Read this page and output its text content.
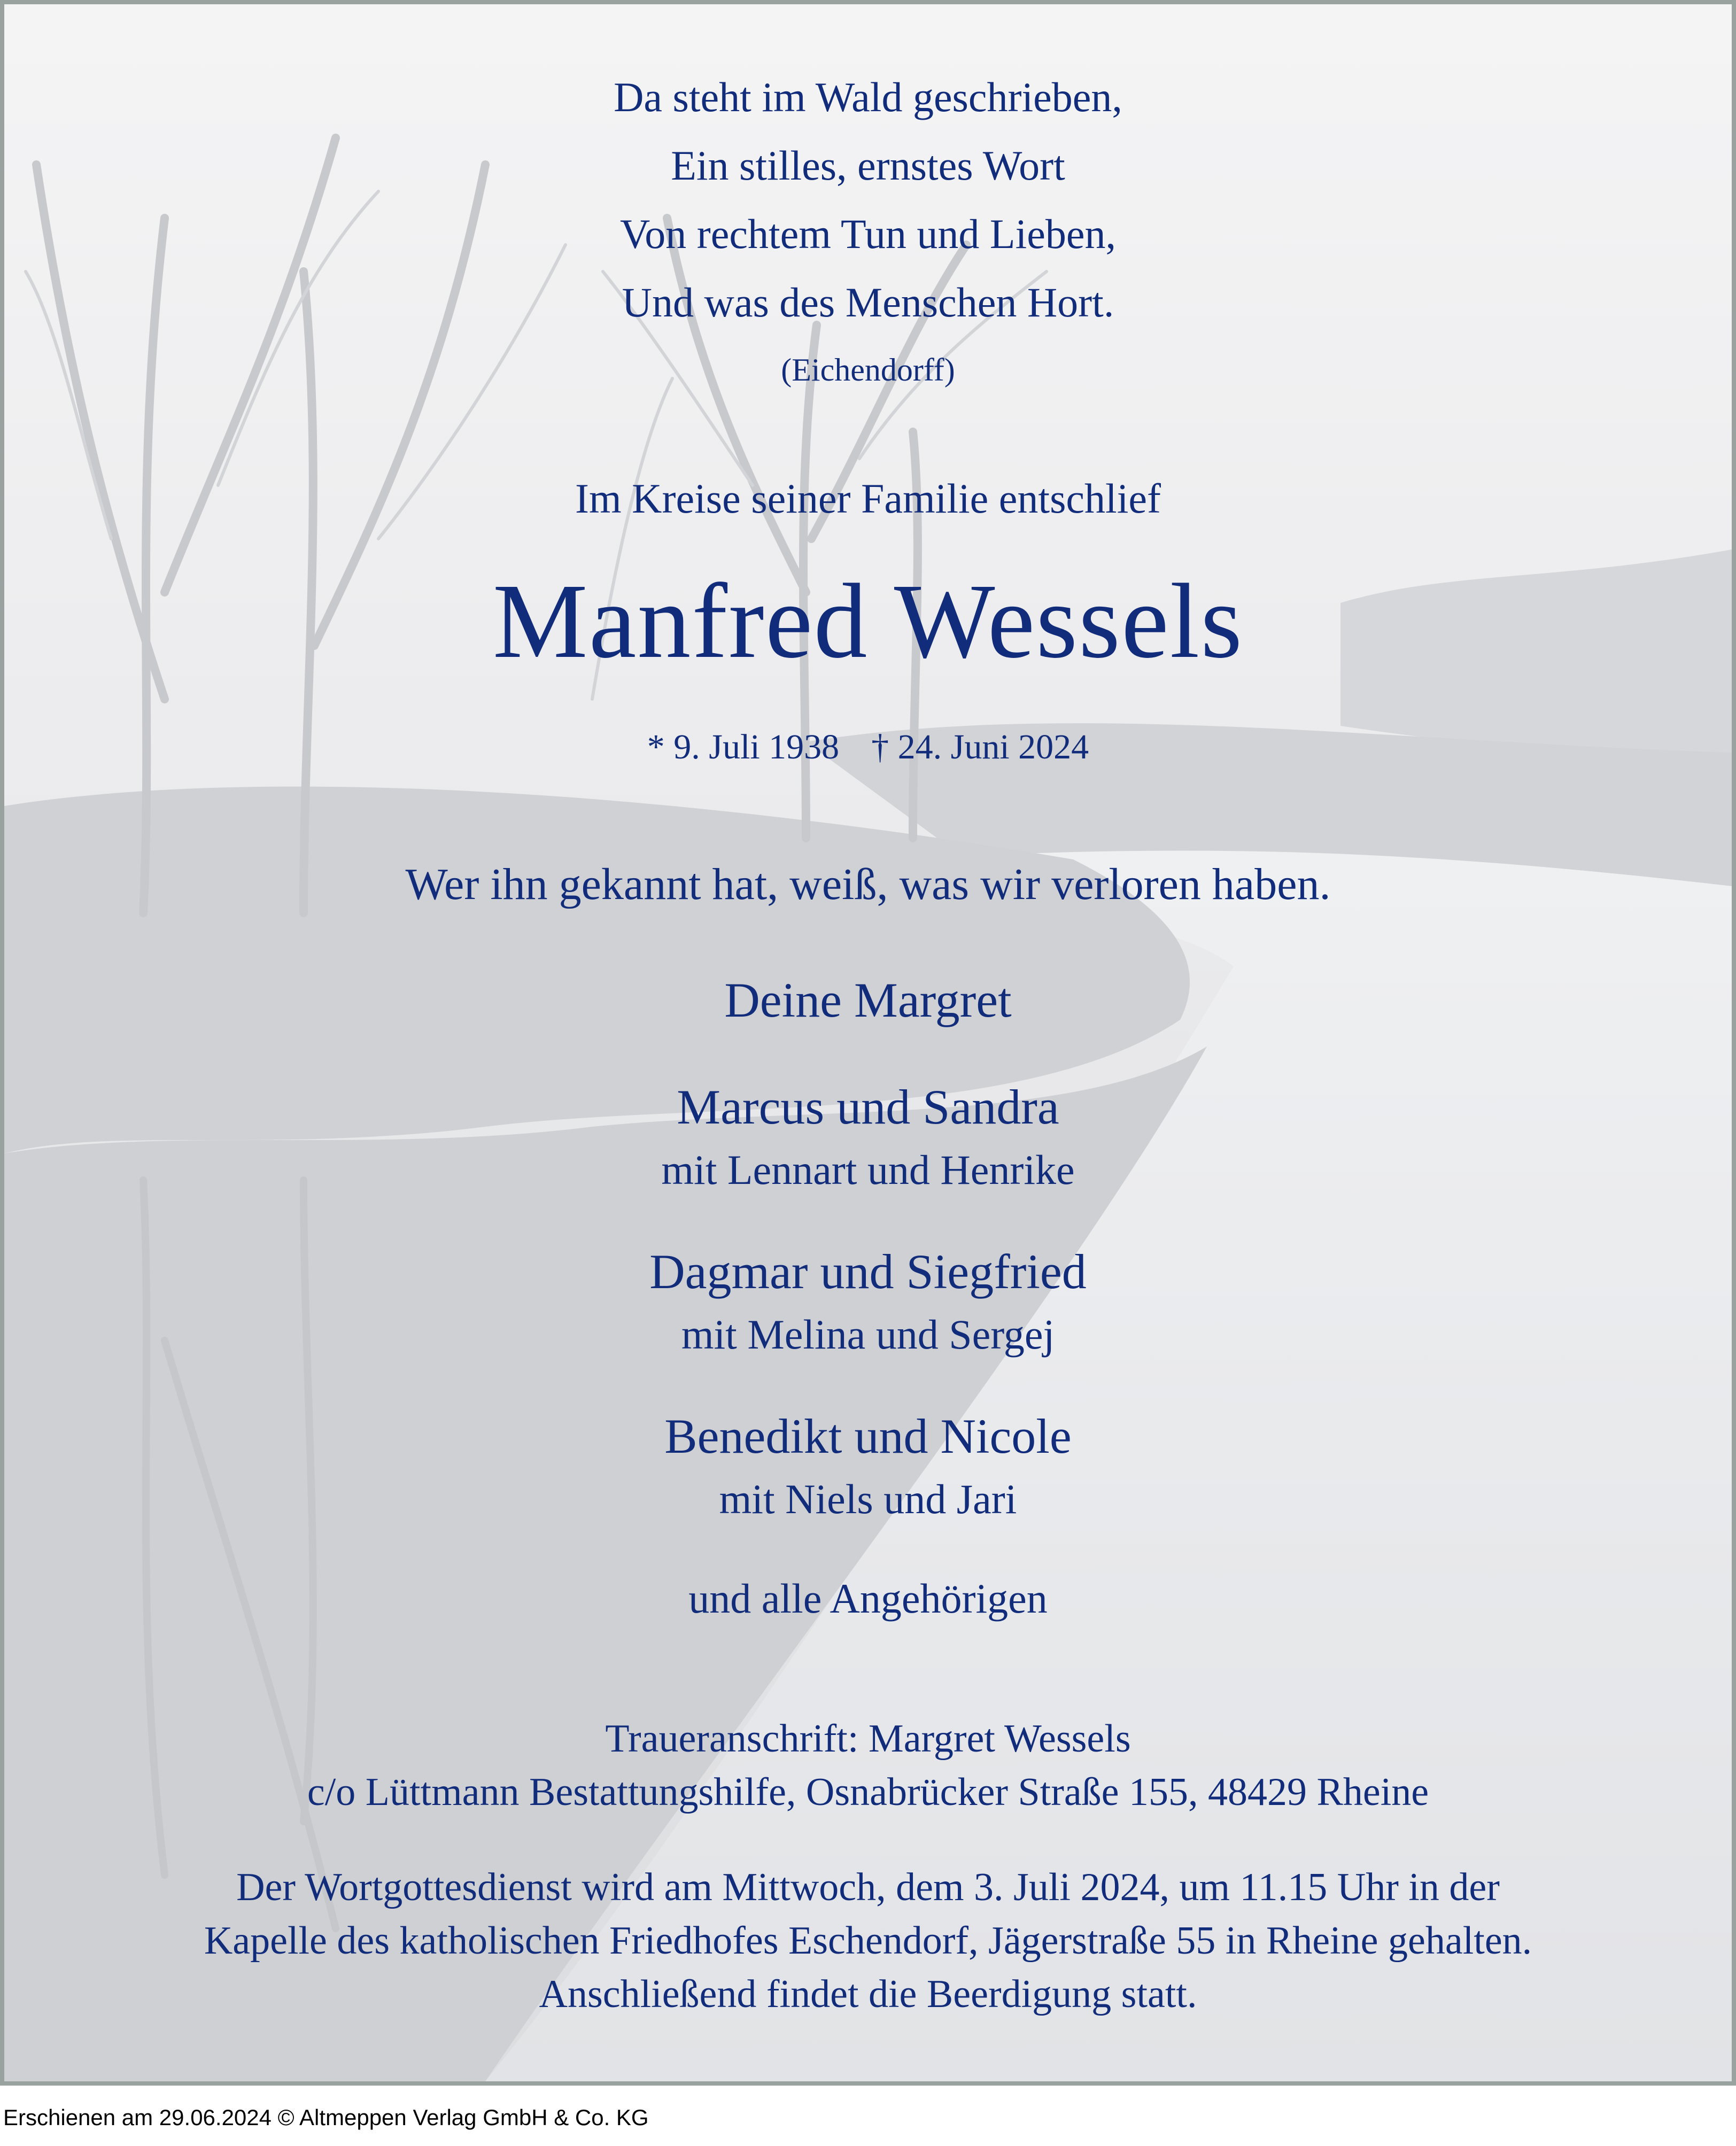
Da steht im Wald geschrieben,
Ein stilles, ernstes Wort
Von rechtem Tun und Lieben,
Und was des Menschen Hort.
(Eichendorff)
Im Kreise seiner Familie entschlief
Manfred Wessels
* 9. Juli 1938 † 24. Juni 2024
Wer ihn gekannt hat, weiß, was wir verloren haben.
Deine Margret
Marcus und Sandra
mit Lennart und Henrike
Dagmar und Siegfried
mit Melina und Sergej
Benedikt und Nicole
mit Niels und Jari
und alle Angehörigen
Traueranschrift: Margret Wessels
c/o Lüttmann Bestattungshilfe, Osnabrücker Straße 155, 48429 Rheine
Der Wortgottesdienst wird am Mittwoch, dem 3. Juli 2024, um 11.15 Uhr in der
Kapelle des katholischen Friedhofes Eschendorf, Jägerstraße 55 in Rheine gehalten.
Anschließend findet die Beerdigung statt.
Erschienen am 29.06.2024 © Altmeppen Verlag GmbH & Co. KG
